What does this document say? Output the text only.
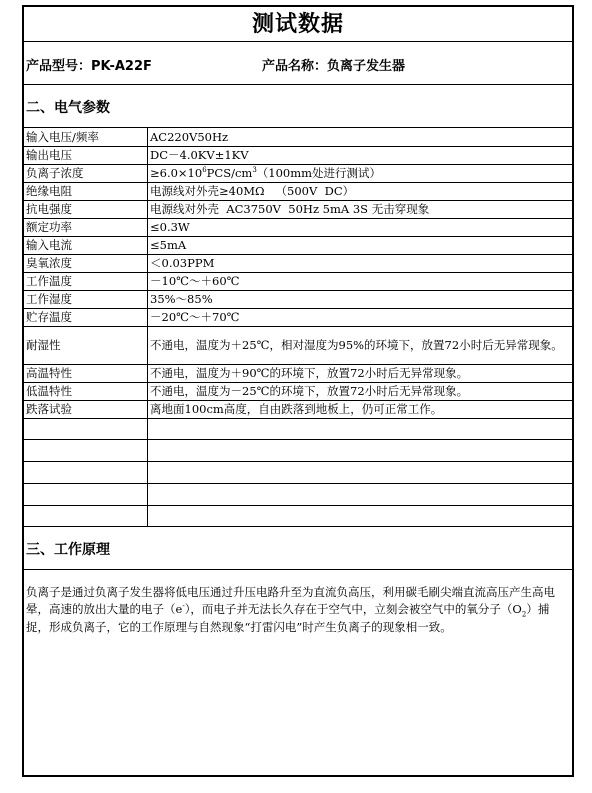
测试数据
产品型号：PK-A22F	产品名称：负离子发生器
二、电气参数
输入电压/频率	AC220V50Hz
输出电压	DC－4.0KV±1KV
负离子浓度	$\ge 6.0\times 10^6PCS/cm^3(100mm$处进行测试）
绝缘电阻	电源线对外壳≥40MΩ   （500V  DC）
抗电强度	电源线对外壳  AC3750V  50Hz 5mA 3S 无击穿现象
额定功率	≤0.3W
输入电流	≤5mA
臭氧浓度	＜0.03PPM
工作温度	－10℃～＋60℃
工作湿度	35%～85%
贮存温度	－20℃～＋70℃
耐湿性	不通电，温度为＋25℃，相对湿度为95%的环境下，放置72小时后无异常现象。
高温特性	不通电，温度为＋90℃的环境下，放置72小时后无异常现象。
低温特性	不通电，温度为－25℃的环境下，放置72小时后无异常现象。
跌落试验	离地面100cm高度，自由跌落到地板上，仍可正常工作。

三、工作原理
负离子是通过负离子发生器将低电压通过升压电路升至为直流负高压，利用碳毛刷尖端直流高压产生高电晕，高速的放出大量的电子（e-），而电子并无法长久存在于空气中，立刻会被空气中的氧分子$(O_2)$捕捉，形成负离子，它的工作原理与自然现象“打雷闪电”时产生负离子的现象相一致。
